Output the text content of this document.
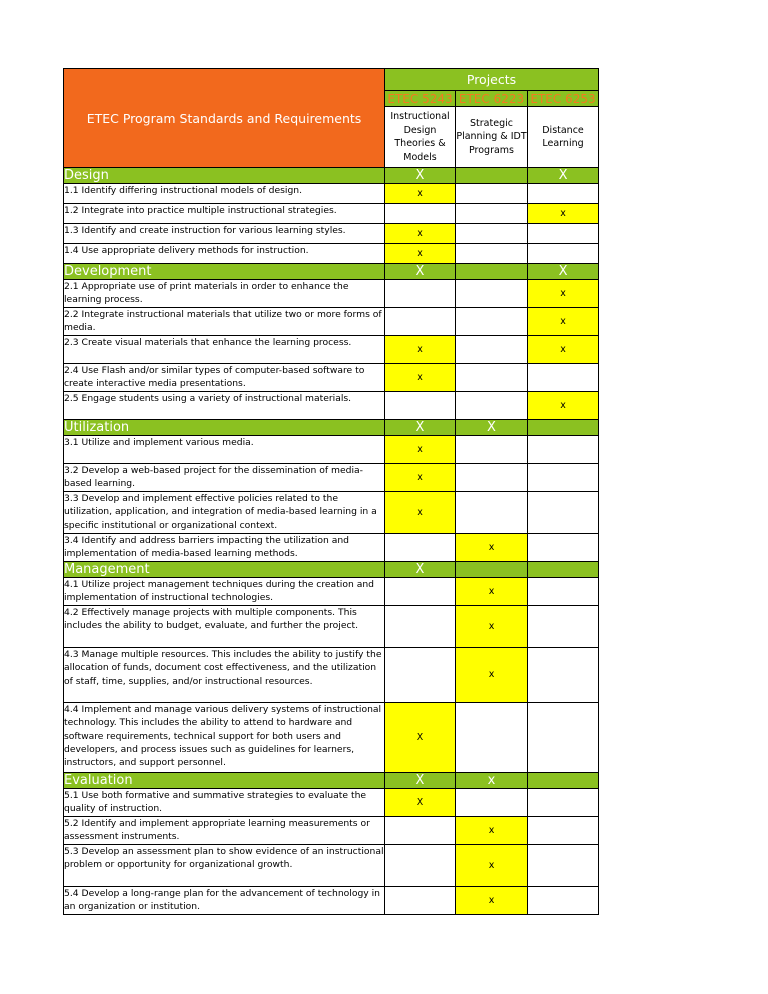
ETEC Program Standards and Requirements	Projects		
	ETEC 5243	ETEC 6223	ETEC 6253
	Instructional Design Theories & Models	Strategic Planning & IDT Programs	Distance Learning
Design	X		X
1.1 Identify differing instructional models of design.	x		
1.2 Integrate into practice multiple instructional strategies.			x
1.3 Identify and create instruction for various learning styles.	x		
1.4 Use appropriate delivery methods for instruction.	x		
Development	X		X
2.1 Appropriate use of print materials in order to enhance the learning process.			x
2.2 Integrate instructional materials that utilize two or more forms of media.			x
2.3 Create visual materials that enhance the learning process.	x		x
2.4 Use Flash and/or similar types of computer-based software to create interactive media presentations.	x		
2.5 Engage students using a variety of instructional materials.			x
Utilization	X	X	
3.1 Utilize and implement various media.	x		
3.2 Develop a web-based project for the dissemination of media-based learning.	x		
3.3 Develop and implement effective policies related to the utilization, application, and integration of media-based learning in a specific institutional or organizational context.	x		
3.4 Identify and address barriers impacting the utilization and implementation of media-based learning methods.		x	
Management	X		
4.1 Utilize project management techniques during the creation and implementation of instructional technologies.		x	
4.2 Effectively manage projects with multiple components. This includes the ability to budget, evaluate, and further the project.		x	
4.3 Manage multiple resources. This includes the ability to justify the allocation of funds, document cost effectiveness, and the utilization of staff, time, supplies, and/or instructional resources.		x	
4.4 Implement and manage various delivery systems of instructional technology. This includes the ability to attend to hardware and software requirements, technical support for both users and developers, and process issues such as guidelines for learners, instructors, and support personnel.	X		
Evaluation	X	x	
5.1 Use both formative and summative strategies to evaluate the quality of instruction.	X		
5.2 Identify and implement appropriate learning measurements or assessment instruments.		x	
5.3 Develop an assessment plan to show evidence of an instructional problem or opportunity for organizational growth.		x	
5.4 Develop a long-range plan for the advancement of technology in an organization or institution.		x	
